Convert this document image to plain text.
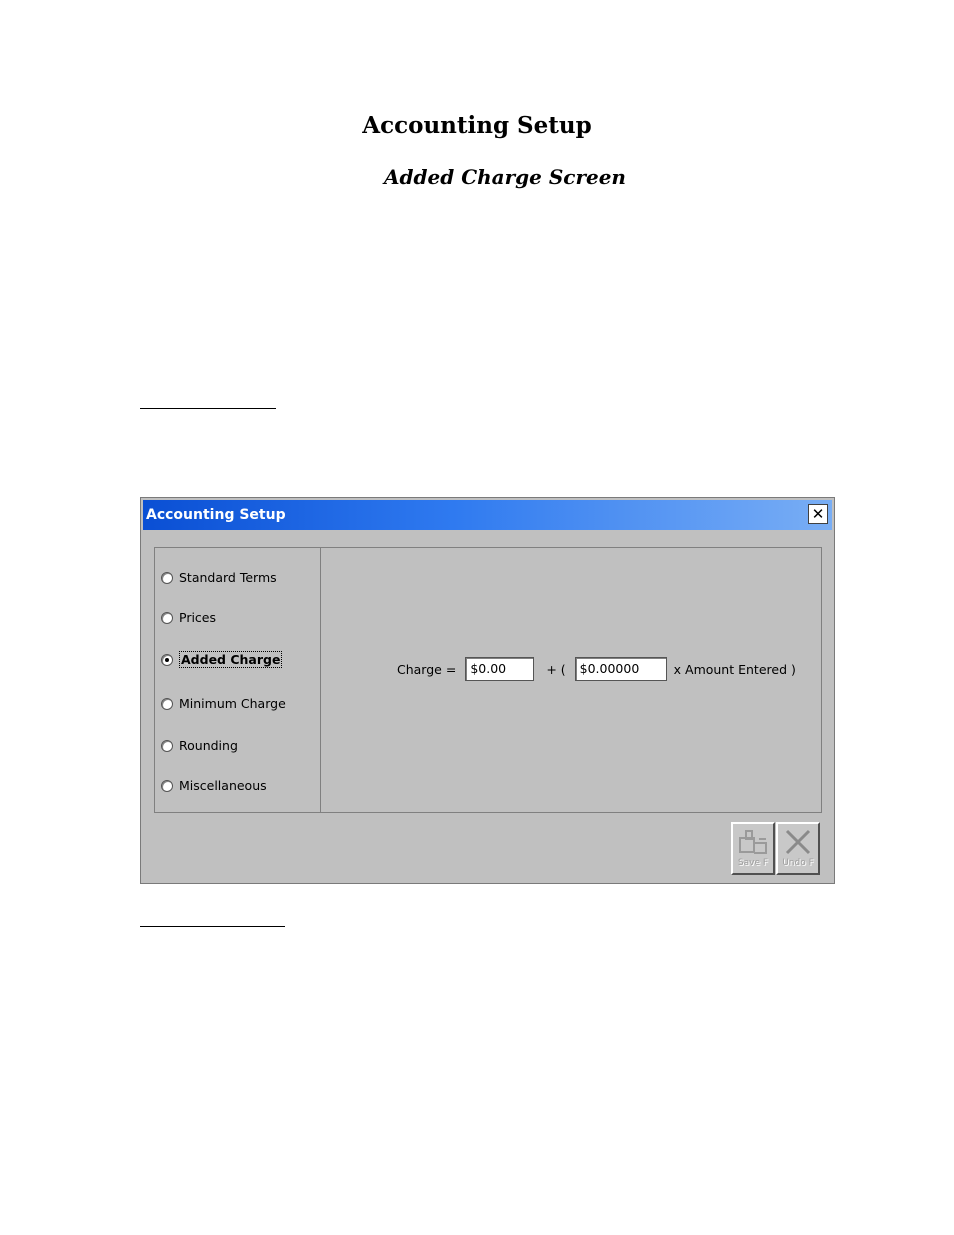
Accounting Setup
Added Charge Screen
Accounting Setup	✕
Standard Terms
Prices
Added Charge
Minimum Charge
Rounding
Miscellaneous
Charge =	$0.00	+ (	$0.00000	x Amount Entered )
Save F Undo F
